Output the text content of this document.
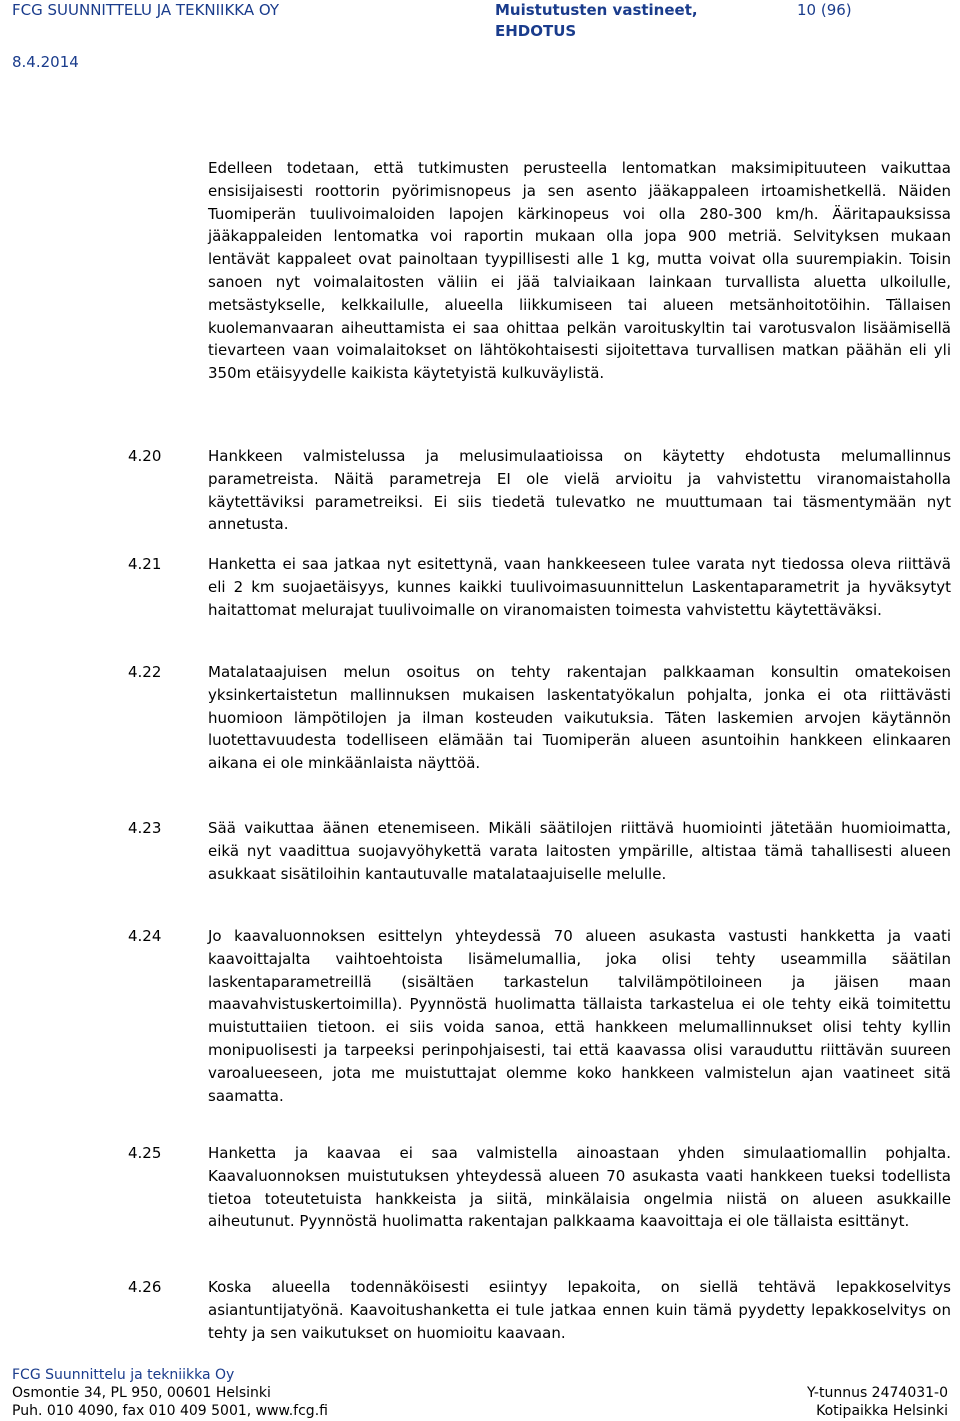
FCG SUUNNITTELU JA TEKNIIKKA OY	Muistutusten vastineet,
EHDOTUS
10 (96)
8.4.2014

Edelleen todetaan, että tutkimusten perusteella lentomatkan maksimipituuteen vaikuttaa ensisijaisesti roottorin pyörimisnopeus ja sen asento jääkappaleen irtoamishetkellä. Näiden Tuomiperän tuulivoimaloiden lapojen kärkinopeus voi olla 280-300 km/h. Ääritapauksissa jääkappaleiden lentomatka voi raportin mukaan olla jopa 900 metriä. Selvityksen mukaan lentävät kappaleet ovat painoltaan tyypillisesti alle 1 kg, mutta voivat olla suurempiakin. Toisin sanoen nyt voimalaitosten väliin ei jää talviaikaan lainkaan turvallista aluetta ulkoilulle, metsästykselle, kelkkailulle, alueella liikkumiseen tai alueen metsänhoitotöihin. Tällaisen kuolemanvaaran aiheuttamista ei saa ohittaa pelkän varoituskyltin tai varotusvalon lisäämisellä tievarteen vaan voimalaitokset on lähtökohtaisesti sijoitettava turvallisen matkan päähän eli yli 350m etäisyydelle kaikista käytetyistä kulkuväylistä.

4.20	Hankkeen valmistelussa ja melusimulaatioissa on käytetty ehdotusta melumallinnus parametreista. Näitä parametreja EI ole vielä arvioitu ja vahvistettu viranomaistaholla käytettäviksi parametreiksi. Ei siis tiedetä tulevatko ne muuttumaan tai täsmentymään nyt annetusta.

4.21	Hanketta ei saa jatkaa nyt esitettynä, vaan hankkeeseen tulee varata nyt tiedossa oleva riittävä eli 2 km suojaetäisyys, kunnes kaikki tuulivoimasuunnittelun Laskentaparametrit ja hyväksytyt haitattomat melurajat tuulivoimalle on viranomaisten toimesta vahvistettu käytettäväksi.

4.22	Matalataajuisen melun osoitus on tehty rakentajan palkkaaman konsultin omatekoisen yksinkertaistetun mallinnuksen mukaisen laskentatyökalun pohjalta, jonka ei ota riittävästi huomioon lämpötilojen ja ilman kosteuden vaikutuksia. Täten laskemien arvojen käytännön luotettavuudesta todelliseen elämään tai Tuomiperän alueen asuntoihin hankkeen elinkaaren aikana ei ole minkäänlaista näyttöä.

4.23	Sää vaikuttaa äänen etenemiseen. Mikäli säätilojen riittävä huomiointi jätetään huomioimatta, eikä nyt vaadittua suojavyöhykettä varata laitosten ympärille, altistaa tämä tahallisesti alueen asukkaat sisätiloihin kantautuvalle matalataajuiselle melulle.

4.24	Jo kaavaluonnoksen esittelyn yhteydessä 70 alueen asukasta vastusti hankketta ja vaati kaavoittajalta vaihtoehtoista lisämelumallia, joka olisi tehty useammilla säätilan laskentaparametreillä (sisältäen tarkastelun talvilämpötiloineen ja jäisen maan maavahvistuskertoimilla). Pyynnöstä huolimatta tällaista tarkastelua ei ole tehty eikä toimitettu muistuttaiien tietoon. ei siis voida sanoa, että hankkeen melumallinnukset olisi tehty kyllin monipuolisesti ja tarpeeksi perinpohjaisesti, tai että kaavassa olisi varauduttu riittävän suureen varoalueeseen, jota me muistuttajat olemme koko hankkeen valmistelun ajan vaatineet sitä saamatta.

4.25	Hanketta ja kaavaa ei saa valmistella ainoastaan yhden simulaatiomallin pohjalta. Kaavaluonnoksen muistutuksen yhteydessä alueen 70 asukasta vaati hankkeen tueksi todellista tietoa toteutetuista hankkeista ja siitä, minkälaisia ongelmia niistä on alueen asukkaille aiheutunut. Pyynnöstä huolimatta rakentajan palkkaama kaavoittaja ei ole tällaista esittänyt.

4.26	Koska alueella todennäköisesti esiintyy lepakoita, on siellä tehtävä lepakkoselvitys asiantuntijatyönä. Kaavoitushanketta ei tule jatkaa ennen kuin tämä pyydetty lepakkoselvitys on tehty ja sen vaikutukset on huomioitu kaavaan.

FCG Suunnittelu ja tekniikka Oy
Osmontie 34, PL 950, 00601 Helsinki	Y-tunnus 2474031-0
Puh. 010 4090, fax 010 409 5001, www.fcg.fi	Kotipaikka Helsinki
